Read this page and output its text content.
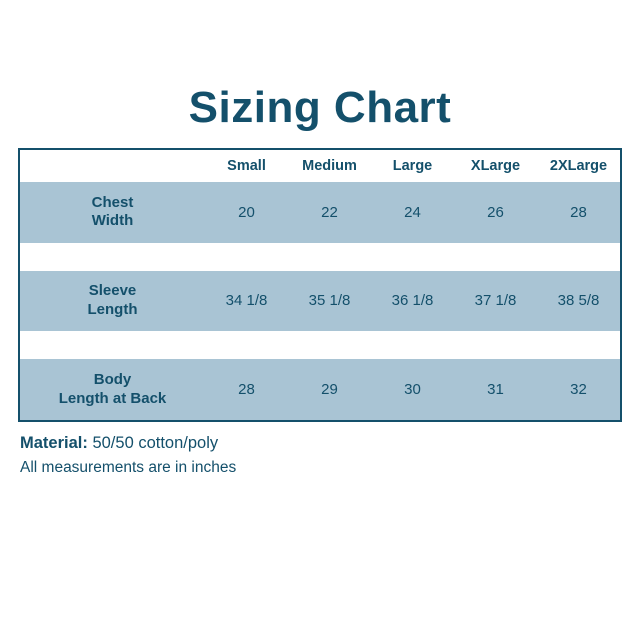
Sizing Chart
	Small	Medium	Large	XLarge	2XLarge
Chest
Width	20	22	24	26	28

Sleeve
Length	34 1/8	35 1/8	36 1/8	37 1/8	38 5/8

Body
Length at Back	28	29	30	31	32
Material: 50/50 cotton/poly
All measurements are in inches
